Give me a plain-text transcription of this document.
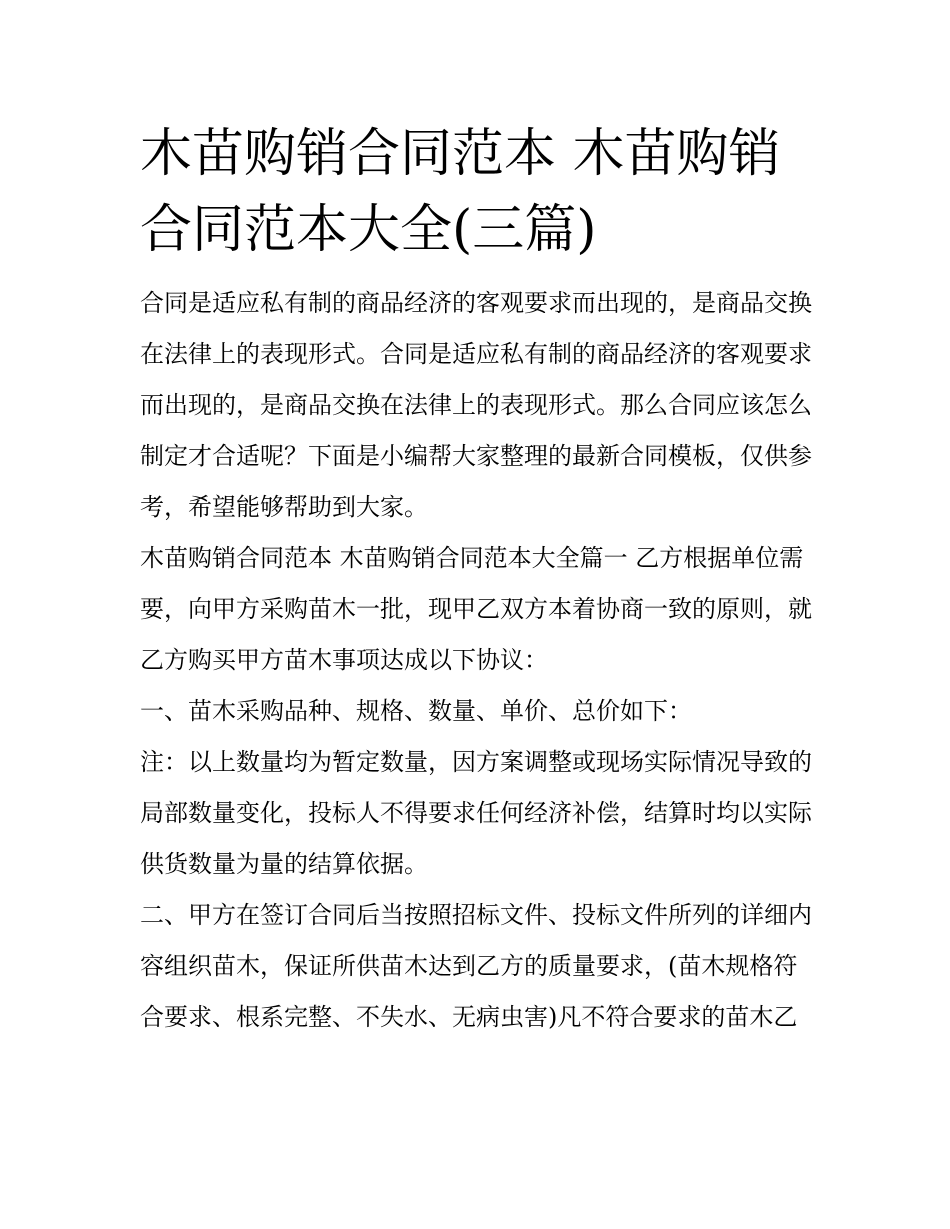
木苗购销合同范本 木苗购销合同范本大全(三篇)

合同是适应私有制的商品经济的客观要求而出现的，是商品交换在法律上的表现形式。合同是适应私有制的商品经济的客观要求而出现的，是商品交换在法律上的表现形式。那么合同应该怎么制定才合适呢？下面是小编帮大家整理的最新合同模板，仅供参考，希望能够帮助到大家。

木苗购销合同范本 木苗购销合同范本大全篇一 乙方根据单位需要，向甲方采购苗木一批，现甲乙双方本着协商一致的原则，就乙方购买甲方苗木事项达成以下协议：

一、苗木采购品种、规格、数量、单价、总价如下：

注：以上数量均为暂定数量，因方案调整或现场实际情况导致的局部数量变化，投标人不得要求任何经济补偿，结算时均以实际供货数量为量的结算依据。

二、甲方在签订合同后当按照招标文件、投标文件所列的详细内容组织苗木，保证所供苗木达到乙方的质量要求，(苗木规格符合要求、根系完整、不失水、无病虫害)凡不符合要求的苗木乙
